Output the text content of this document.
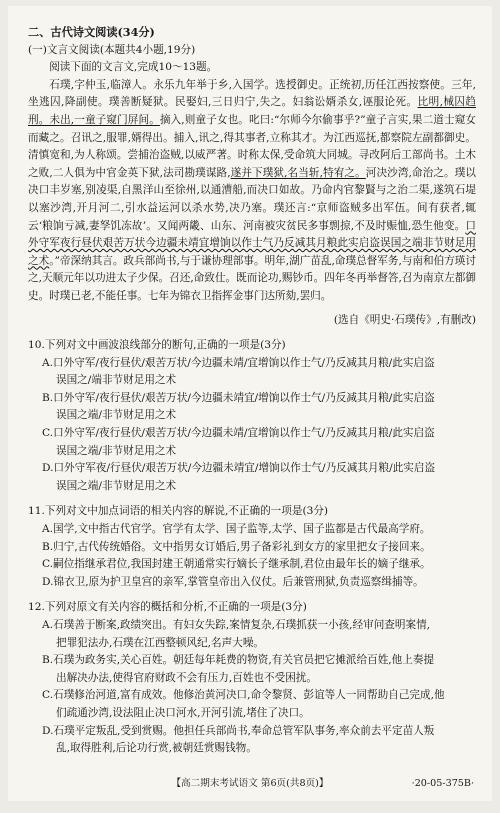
二、古代诗文阅读(34分)
(一)文言文阅读(本题共4小题,19分)

阅读下面的文言文,完成10～13题。

石璞,字仲玉,临漳人。永乐九年举于乡,入国学。选授御史。正统初,历任江西按察使。三年,坐逃囚,降副使。璞善断疑狱。民娶妇,三日归宁,失之。妇翁讼婿杀女,诬服论死。比明,械囚趋刑。未出,一童子窥门屏间。摘入,则童子女也。叱曰:“尔师今尔偷事乎?”童子言实,果二道士窥女而藏之。召讯之,服罪,婿得出。捕入,讯之,得其事者,立称其才。为江西巡抚,都察院左副都御史。清慎宽和,为人称颂。尝捕治盗贼,以威严著。时称太保,受命筑大同城。寻改阿后工部尚书。土木之败,二人俱为中官金英下狱,法司勘璞谋路,遂并下璞狱,名当斩,特宥之。河决沙湾,命治之。璞以决口丰岁塞,别凌渠,自黑洋山至徐州,以通漕船,而决口如故。乃命内官黎賢与之治二渠,遂筑石堤以塞沙湾,开月河二,引水益运河以杀水势,决乃塞。璞还言:“京师盗贼多出军伍。间有获者,辄云‘粮饷亏减,妻孥饥冻故’。又闻两畿、山东、河南被灾贫民多事剽掠,不及时赈恤,恐生他变。口外守军夜行昼伏艰苦万状今边疆未靖宜增饷以作士气乃反减其月粮此实启盗误国之端非节财足用之术。”帝深纳其言。政兵部尚书,与于谦协理部事。明年,湖广苗乱,命璞总督军务,与南和伯方瑛讨之,天顺元年以功进太子少保。召还,命致仕。既而论功,赐钞币。四年冬再举督答,召为南京左都御史。时璞已老,不能任事。七年为锦衣卫指挥金事门达所劾,罢归。

(选自《明史·石璞传》,有删改)
10.下列对文中画波浪线部分的断句,正确的一项是(3分)
A.口外守军/夜行昼伏/艰苦万状/今边疆未靖/宜增饷以作士气/乃反减其月粮/此实启盗
误国之/端非节财足用之术
B.口外守军/夜行昼伏/艰苦万状/今边疆未靖宜/增饷以作士气/乃反减其月粮/此实启盗
误国之端/非节财足用之术
C.口外守军/夜行昼伏/艰苦万状/今边疆未靖/宜增饷以作士气/乃反减其月粮/此实启盗
误国之端/非节财足用之术
D.口外守军夜/行昼伏/艰苦万状/今边疆未靖宜/增饷以作士气/乃反减其月粮/此实启盗
误国之端/非节财足用之术
11.下列对文中加点词语的相关内容的解说,不正确的一项是(3分)
A.国学,文中指古代官学。官学有太学、国子监等,太学、国子监都是古代最高学府。
B.归宁,古代传统婚俗。文中指男女订婚后,男子备彩礼到女方的家里把女子接回来。
C.嗣位指继承君位,我国封建王朝通常实行嫡长子继承制,君位由最年长的嫡子继承。
D.锦衣卫,原为护卫皇宫的亲军,掌管皇帝出入仪仗。后兼管刑狱,负责巡察缉捕等。
12.下列对原文有关内容的概括和分析,不正确的一项是(3分)
A.石璞善于断案,政绩突出。有妇女失踪,案情复杂,石璞抓获一小孩,经审问查明案情,
把罪犯法办,石璞在江西整顿风纪,名声大噪。
B.石璞为政务实,关心百姓。朝廷每年耗费的物资,有关官员把它摊派给百姓,他上奏提
出解决办法,使得官府财政不会有压力,百姓也不受困扰。
C.石璞修治河道,富有成效。他修治黄河决口,命令黎贤、彭谊等人一同帮助自己完成,他
们疏通沙湾,设法阻止决口河水,开河引流,堵住了决口。
D.石璞平定叛乱,受到赏赐。他担任兵部尚书,奉命总管军队事务,率众前去平定苗人叛
乱,取得胜利,后论功行赏,被朝廷赏赐钱物。
【高二期末考试语文 第6页(共8页)】	·20-05-375B·
